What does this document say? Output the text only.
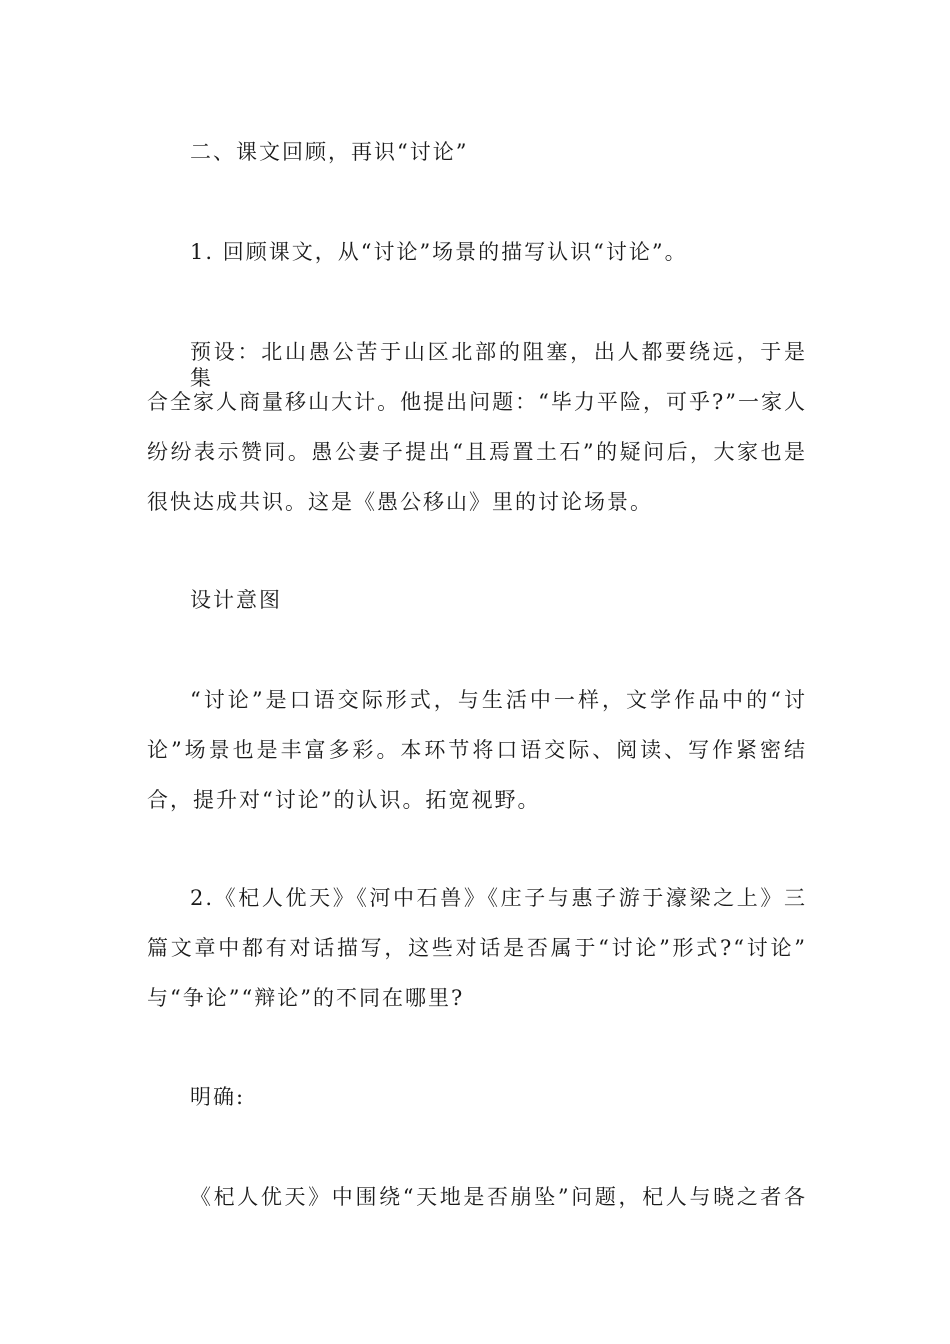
二、课文回顾，再识“讨论”
1. 回顾课文，从“讨论”场景的描写认识“讨论”。
预设：北山愚公苦于山区北部的阻塞，出人都要绕远，于是集
合全家人商量移山大计。他提出问题：“毕力平险，可乎?”一家人
纷纷表示赞同。愚公妻子提出“且焉置土石”的疑问后，大家也是
很快达成共识。这是《愚公移山》里的讨论场景。
设计意图
“讨论”是口语交际形式，与生活中一样，文学作品中的“讨
论”场景也是丰富多彩。本环节将口语交际、阅读、写作紧密结
合，提升对“讨论”的认识。拓宽视野。
2.《杞人优天》《河中石兽》《庄子与惠子游于濠梁之上》三
篇文章中都有对话描写，这些对话是否属于“讨论”形式?“讨论”
与“争论”“辩论”的不同在哪里?
明确:
《杞人优天》中围绕“天地是否崩坠”问题，杞人与晓之者各
